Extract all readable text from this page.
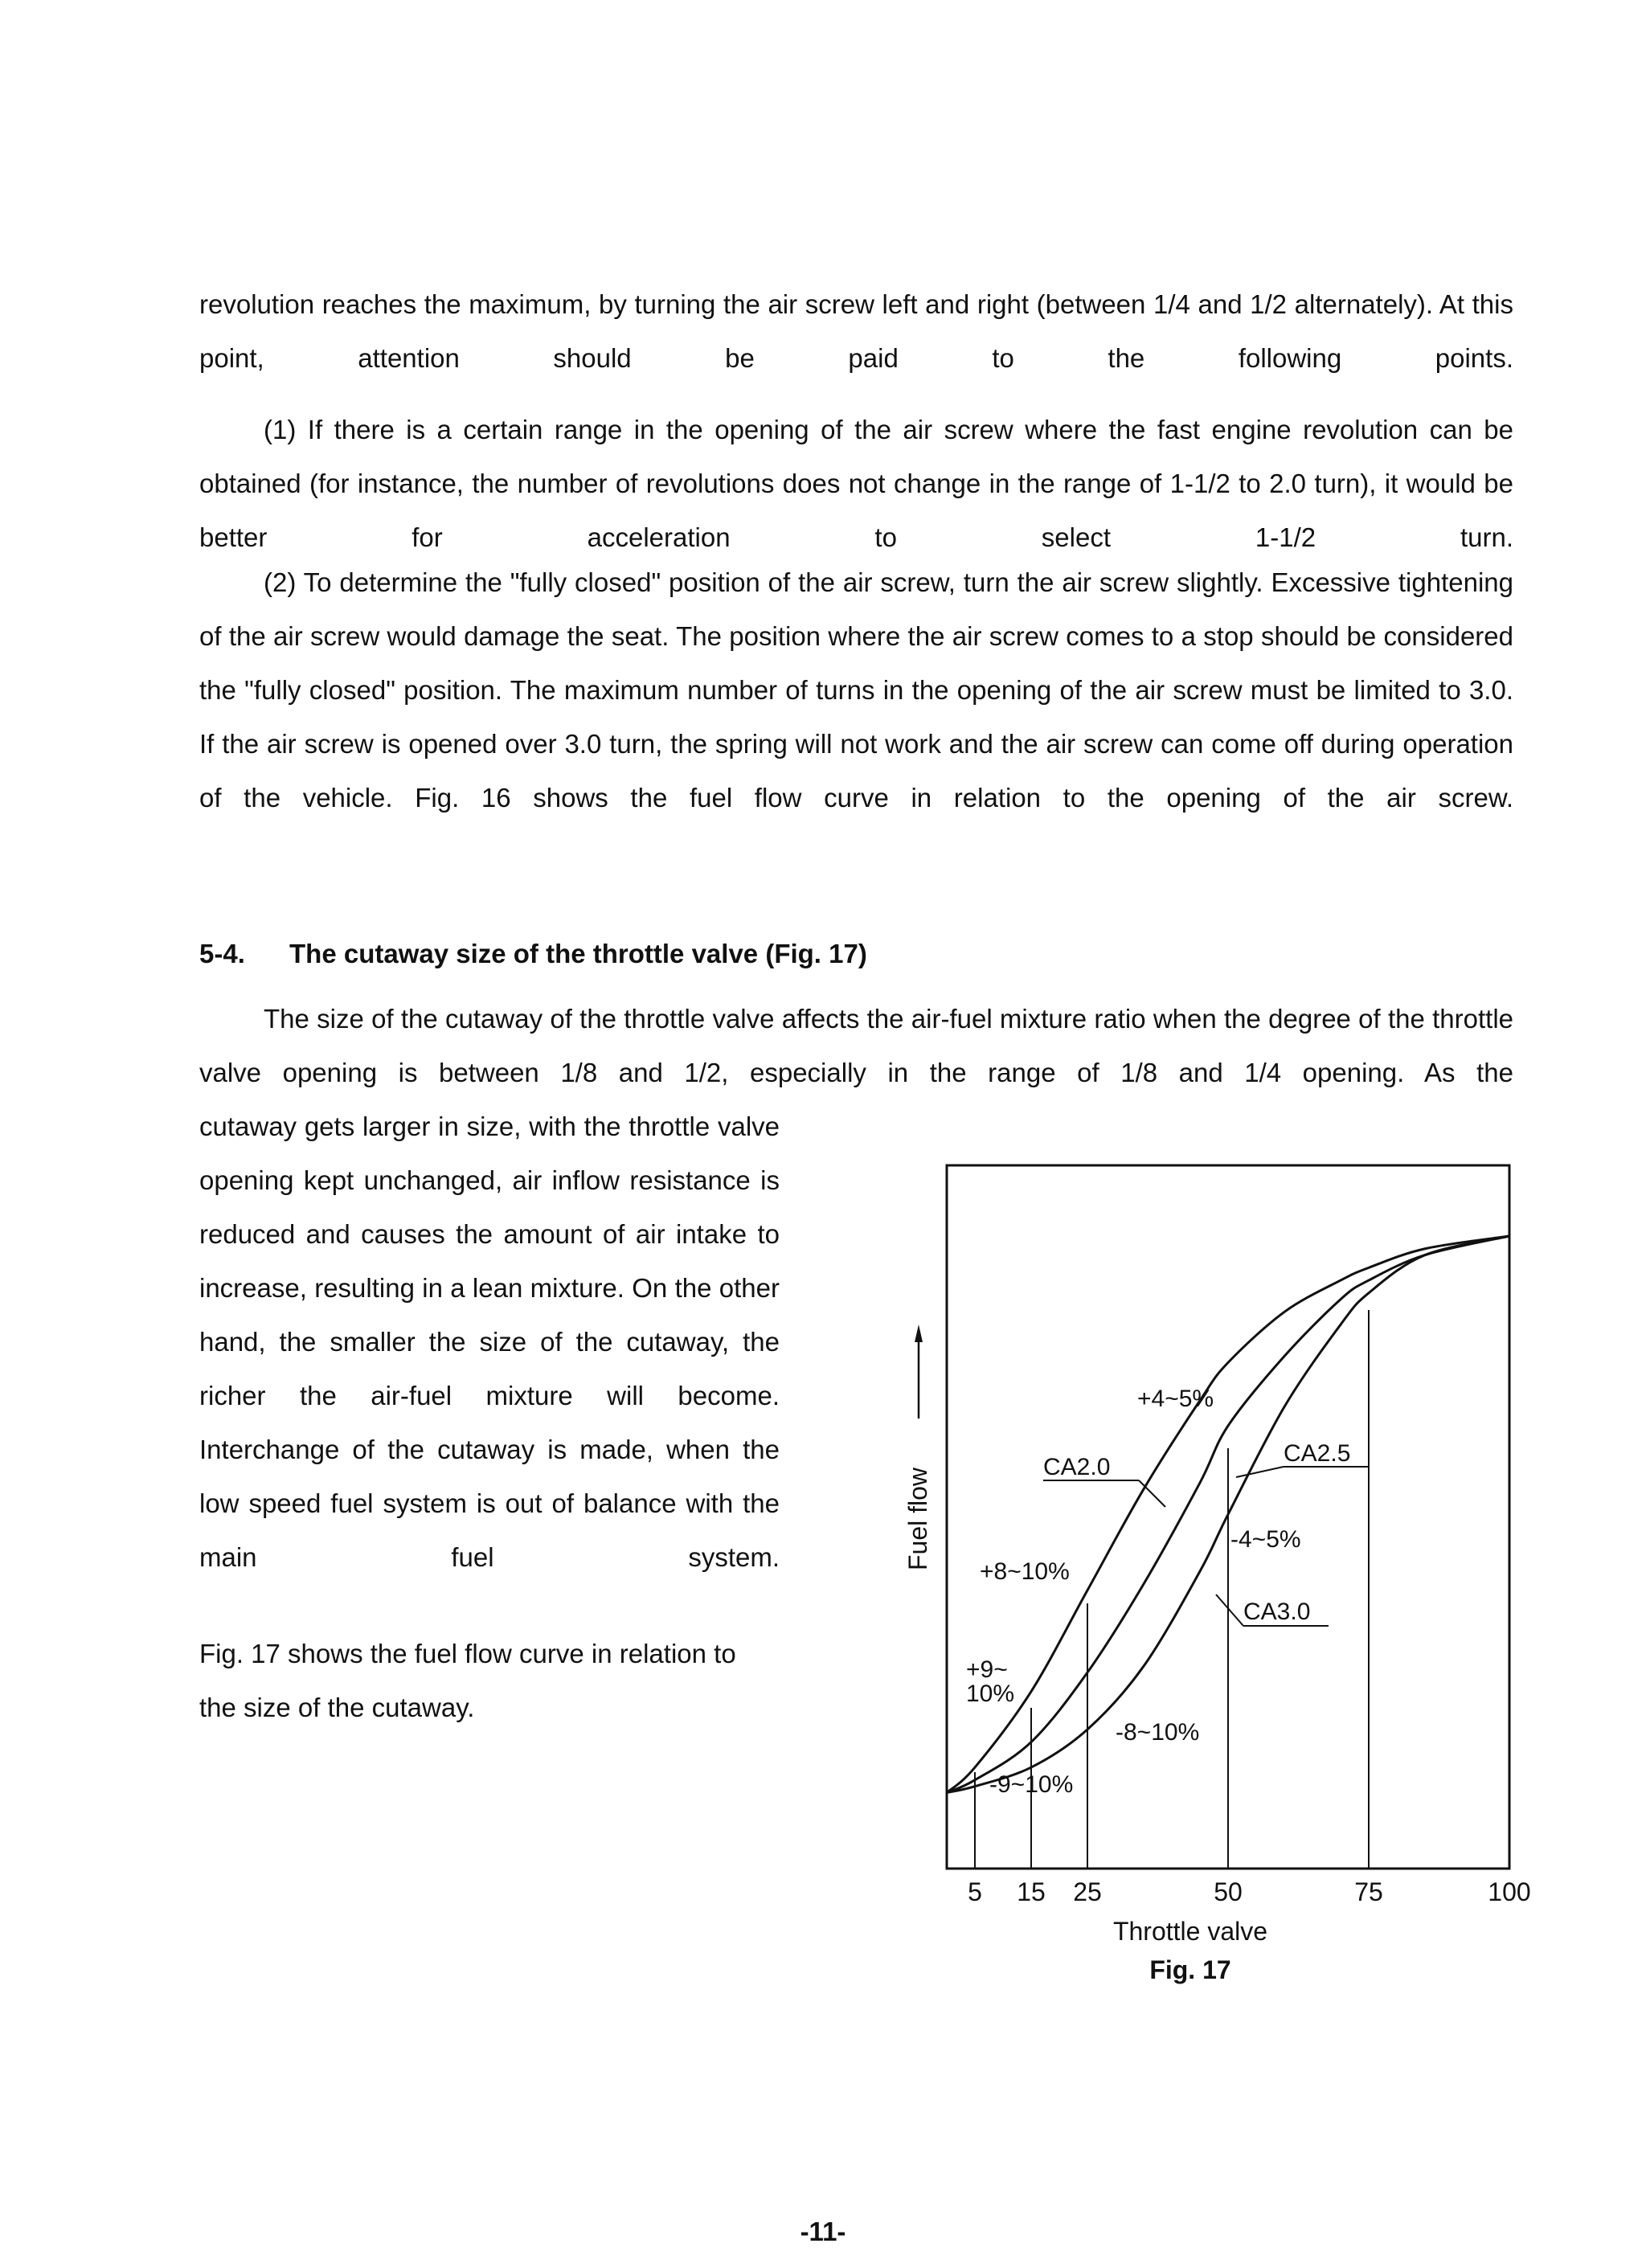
revolution reaches the maximum, by turning the air screw left and right (between 1/4 and 1/2 alternately). At this point, attention should be paid to the following points.

(1) If there is a certain range in the opening of the air screw where the fast engine revolution can be obtained (for instance, the number of revolutions does not change in the range of 1-1/2 to 2.0 turn), it would be better for acceleration to select 1-1/2 turn.

(2) To determine the "fully closed" position of the air screw, turn the air screw slightly. Excessive tightening of the air screw would damage the seat. The position where the air screw comes to a stop should be considered the "fully closed" position. The maximum number of turns in the opening of the air screw must be limited to 3.0. If the air screw is opened over 3.0 turn, the spring will not work and the air screw can come off during operation of the vehicle. Fig. 16 shows the fuel flow curve in relation to the opening of the air screw.

5-4. The cutaway size of the throttle valve (Fig. 17)

The size of the cutaway of the throttle valve affects the air-fuel mixture ratio when the degree of the throttle valve opening is between 1/8 and 1/2, especially in the range of 1/8 and 1/4 opening. As the

cutaway gets larger in size, with the throttle valve opening kept unchanged, air inflow resistance is reduced and causes the amount of air intake to increase, resulting in a lean mixture. On the other hand, the smaller the size of the cutaway, the richer the air-fuel mixture will become. Interchange of the cutaway is made, when the low speed fuel system is out of balance with the main fuel system.

Fig. 17 shows the fuel flow curve in relation to the size of the cutaway.

5 15 25	50	75	100
Fuel flow
+4~5%
CA2.0
CA2.5
-4~5%
+8~10%
CA3.0
+9~
10%
-8~10%
-9~10%
Throttle valve
Fig. 17
-11-
